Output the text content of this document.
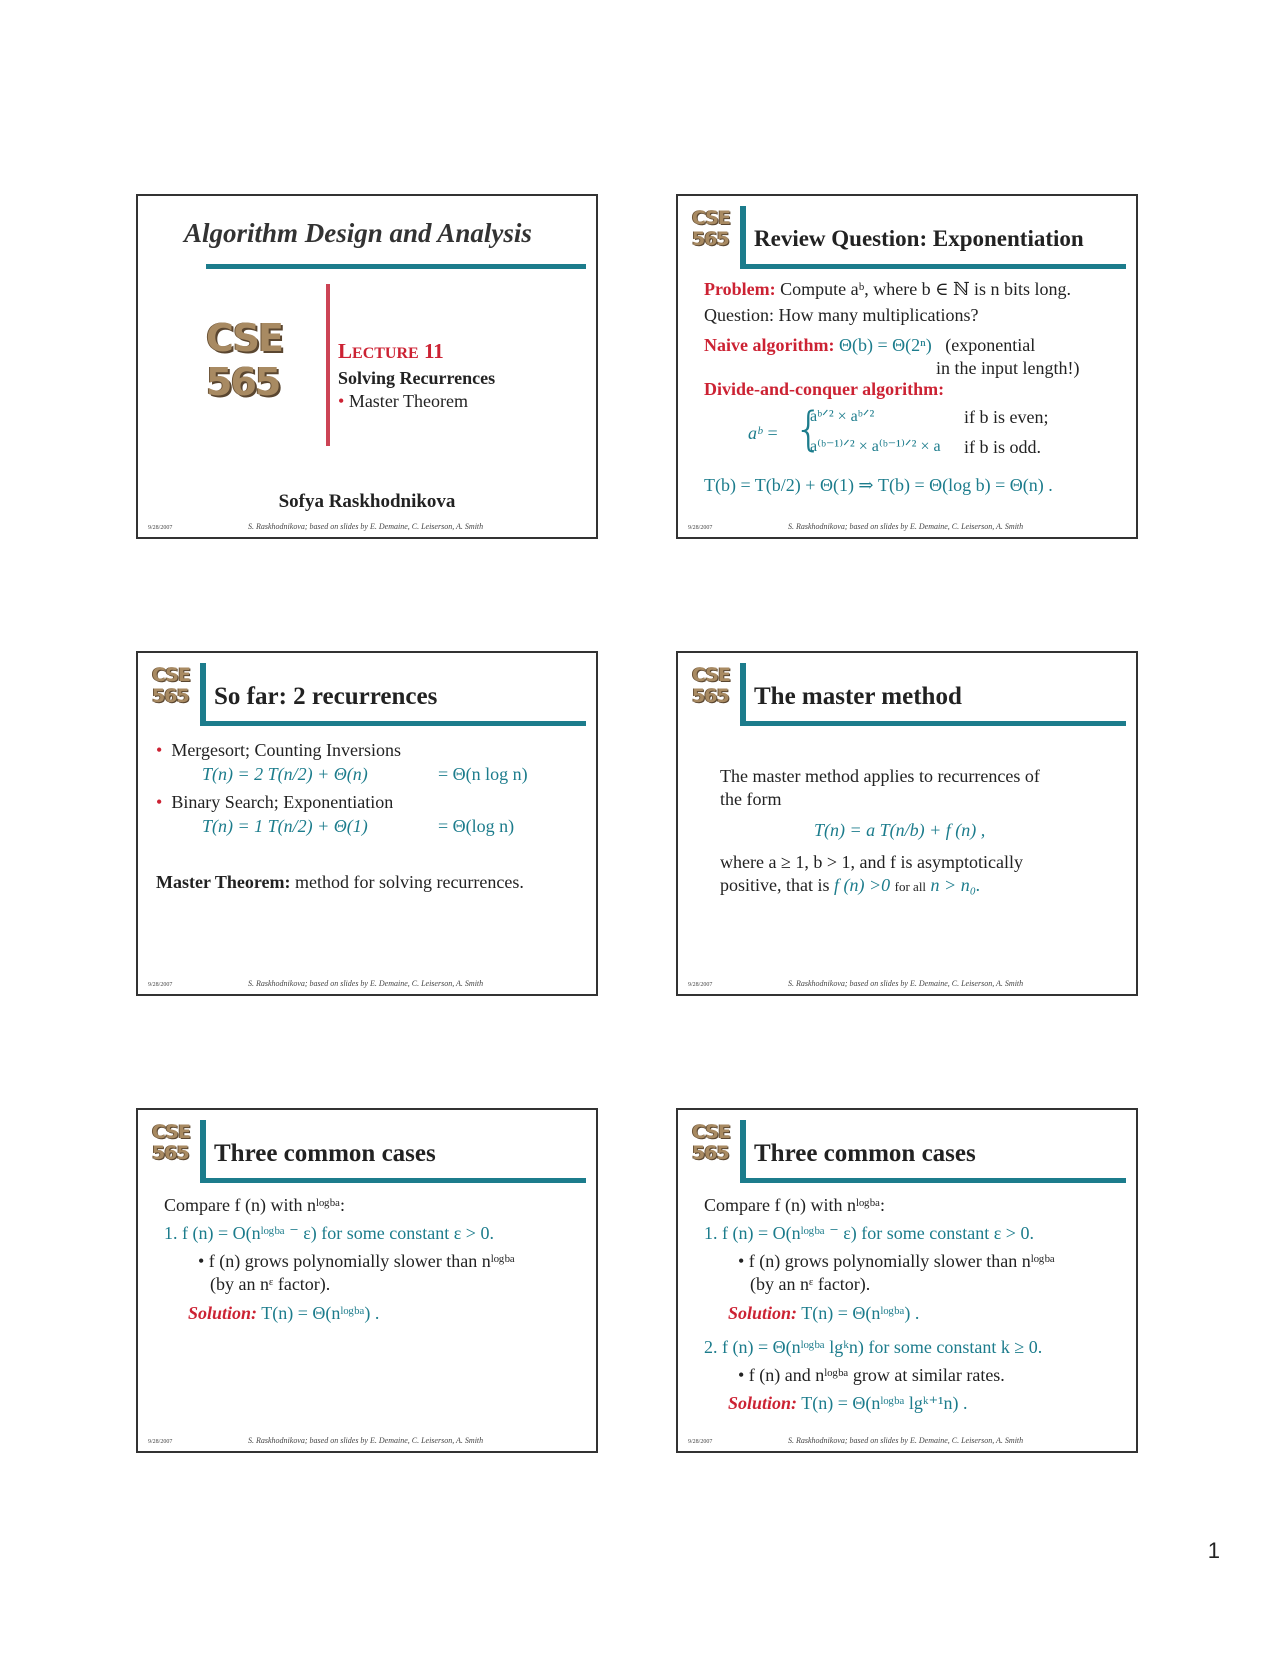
Algorithm Design and Analysis
CSE
565
LECTURE 11
Solving Recurrences
• Master Theorem
Sofya Raskhodnikova
9/28/2007	S. Raskhodnikova; based on slides by E. Demaine, C. Leiserson, A. Smith
CSE
565	Review Question: Exponentiation
Problem: Compute aᵇ, where b ∈ ℕ is n bits long.
Question: How many multiplications?
Naive algorithm: Θ(b) = Θ(2ⁿ) (exponential
in the input length!)
Divide-and-conquer algorithm:
aᵇ = {
aᵇᐟ² × aᵇᐟ²	if b is even;
a⁽ᵇ⁻¹⁾ᐟ² × a⁽ᵇ⁻¹⁾ᐟ² × a if b is odd.
T(b) = T(b/2) + Θ(1) ⇒ T(b) = Θ(log b) = Θ(n) .
9/28/2007	S. Raskhodnikova; based on slides by E. Demaine, C. Leiserson, A. Smith
CSE
565	So far: 2 recurrences
• Mergesort; Counting Inversions
T(n) = 2 T(n/2) + Θ(n)	= Θ(n log n)
• Binary Search; Exponentiation
T(n) = 1 T(n/2) + Θ(1)	= Θ(log n)
Master Theorem: method for solving recurrences.
9/28/2007	S. Raskhodnikova; based on slides by E. Demaine, C. Leiserson, A. Smith
CSE
565	The master method
The master method applies to recurrences of
the form
T(n) = a T(n/b) + f (n) ,
where a ≥ 1, b > 1, and f is asymptotically
positive, that is f (n) >0 for all n > n₀.
9/28/2007	S. Raskhodnikova; based on slides by E. Demaine, C. Leiserson, A. Smith
CSE
565	Three common cases
Compare f (n) with nˡᵒᵍᵇᵃ:
1. f (n) = O(nˡᵒᵍᵇᵃ ⁻ ε) for some constant ε > 0.
• f (n) grows polynomially slower than nˡᵒᵍᵇᵃ
(by an nᵋ factor).
Solution: T(n) = Θ(nˡᵒᵍᵇᵃ) .
9/28/2007	S. Raskhodnikova; based on slides by E. Demaine, C. Leiserson, A. Smith
CSE
565	Three common cases
Compare f (n) with nˡᵒᵍᵇᵃ:
1. f (n) = O(nˡᵒᵍᵇᵃ ⁻ ε) for some constant ε > 0.
• f (n) grows polynomially slower than nˡᵒᵍᵇᵃ
(by an nᵋ factor).
Solution: T(n) = Θ(nˡᵒᵍᵇᵃ) .
2. f (n) = Θ(nˡᵒᵍᵇᵃ lgᵏn) for some constant k ≥ 0.
• f (n) and nˡᵒᵍᵇᵃ grow at similar rates.
Solution: T(n) = Θ(nˡᵒᵍᵇᵃ lgᵏ⁺¹n) .
9/28/2007	S. Raskhodnikova; based on slides by E. Demaine, C. Leiserson, A. Smith
1
